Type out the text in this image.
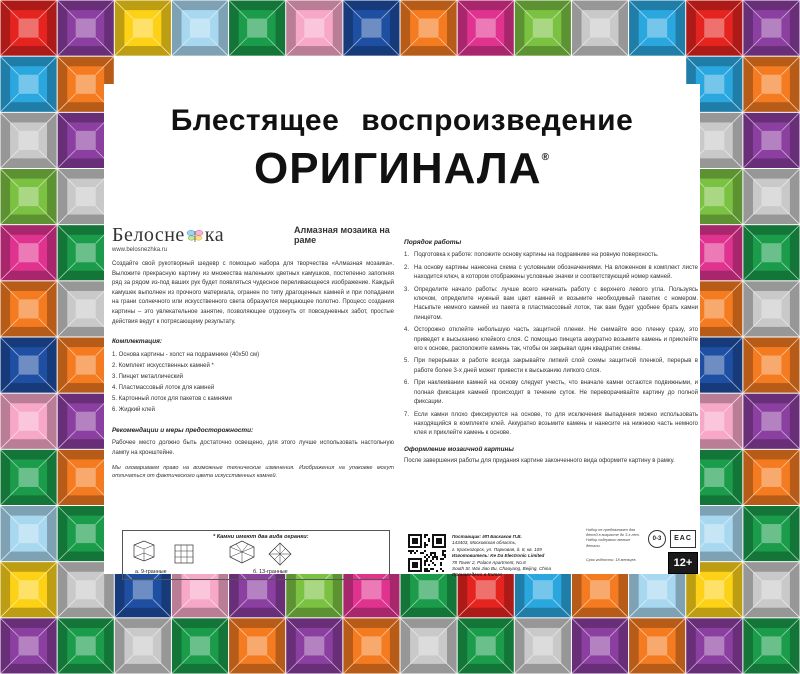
Блестящее воспроизведение
ОРИГИНАЛА®
Белосне ка
www.belosnezhka.ru
Алмазная мозаика на раме

Создайте свой рукотворный шедевр с помощью набора для творчества «Алмазная мозаика». Выложите прекрасную картину из множества маленьких цветных камушков, постепенно заполняя ряд за рядом из-под ваших рук будет появляться чудесное переливающееся изображение. Каждый камушек выполнен из прочного материала, огранен по типу драгоценных камней и при попадании на грани солнечного или искусственного света образуется мерцающее полотно. Процесс создания картины – это увлекательное занятие, позволяющее отдохнуть от повседневных забот, простые действия ведут к потрясающему результату.

Комплектация:
1. Основа картины - холст на подрамнике (40х50 см)
2. Комплект искусственных камней *
3. Пинцет металлический
4. Пластмассовый лоток для камней
5. Картонный лоток для пакетов с камнями
6. Жидкий клей
Рекомендации и меры предосторожности:

Рабочее место должно быть достаточно освещено, для этого лучше использовать настольную лампу на кронштейне.

Мы оговариваем право на возможные технические изменения. Изображения на упаковке могут отличаться от фактического цвета искусственных камней.

* Камни имеют два вида огранки:
а. 9-гранные	б. 13-гранные
Порядок работы
1. Подготовка к работе: положите основу картины на подрамнике на ровную поверхность.
2. На основу картины нанесена схема с условными обозначениями. На вложенном в комплект листе находится ключ, в котором отображены условные значки и соответствующий номер камней.
3. Определите начало работы: лучше всего начинать работу с верхнего левого угла. Пользуясь ключом, определите нужный вам цвет камней и возьмите необходимый пакетик с номером. Насыпьте немного камней из пакета в пластмассовый лоток, так вам будет удобнее брать камни пинцетом.
4. Осторожно отклейте небольшую часть защитной пленки. Не снимайте всю пленку сразу, это приведет к высыханию клейкого слоя. С помощью пинцета аккуратно возьмите камень и приклейте его к основе, расположите камень так, чтобы он закрывал один квадратик схемы.
5. При перерывах в работе всегда закрывайте липкий слой схемы защитной пленкой, перерыв в работе более 3-х дней может привести к высыханию липкого слоя.
6. При наклеивании камней на основу следует учесть, что вначале камни остаются подвижными, и полная фиксация камней происходит в течение суток. Не переворачивайте картину до полной фиксации.
7. Если камни плохо фиксируются на основе, то для исключения выпадения можно использовать находящийся в комплекте клей. Аккуратно возьмите камень и нанесите на нижнюю часть немного клея и приклейте камень к основе.
Оформление мозаичной картины

После завершения работы для придания картине законченного вида оформите картину в рамку.

Поставщик: ИП Баскаков П.В.
143403, Московская область,
г. Красногорск, ул. Парковая, д. 8, кв. 109
Изготовитель: Ke Da Electronic Limited
78 Tower 2, Palace Apartment, No.8
South St. Wai Jiao Bu, Chaoyang, Beijing, China
Произведено в Китае
Набор не предназначен для детей в возрасте до 3-х лет.
Набор содержит мелкие детали.
Срок годности: 18 месяцев.
0-3	EAC
12+
